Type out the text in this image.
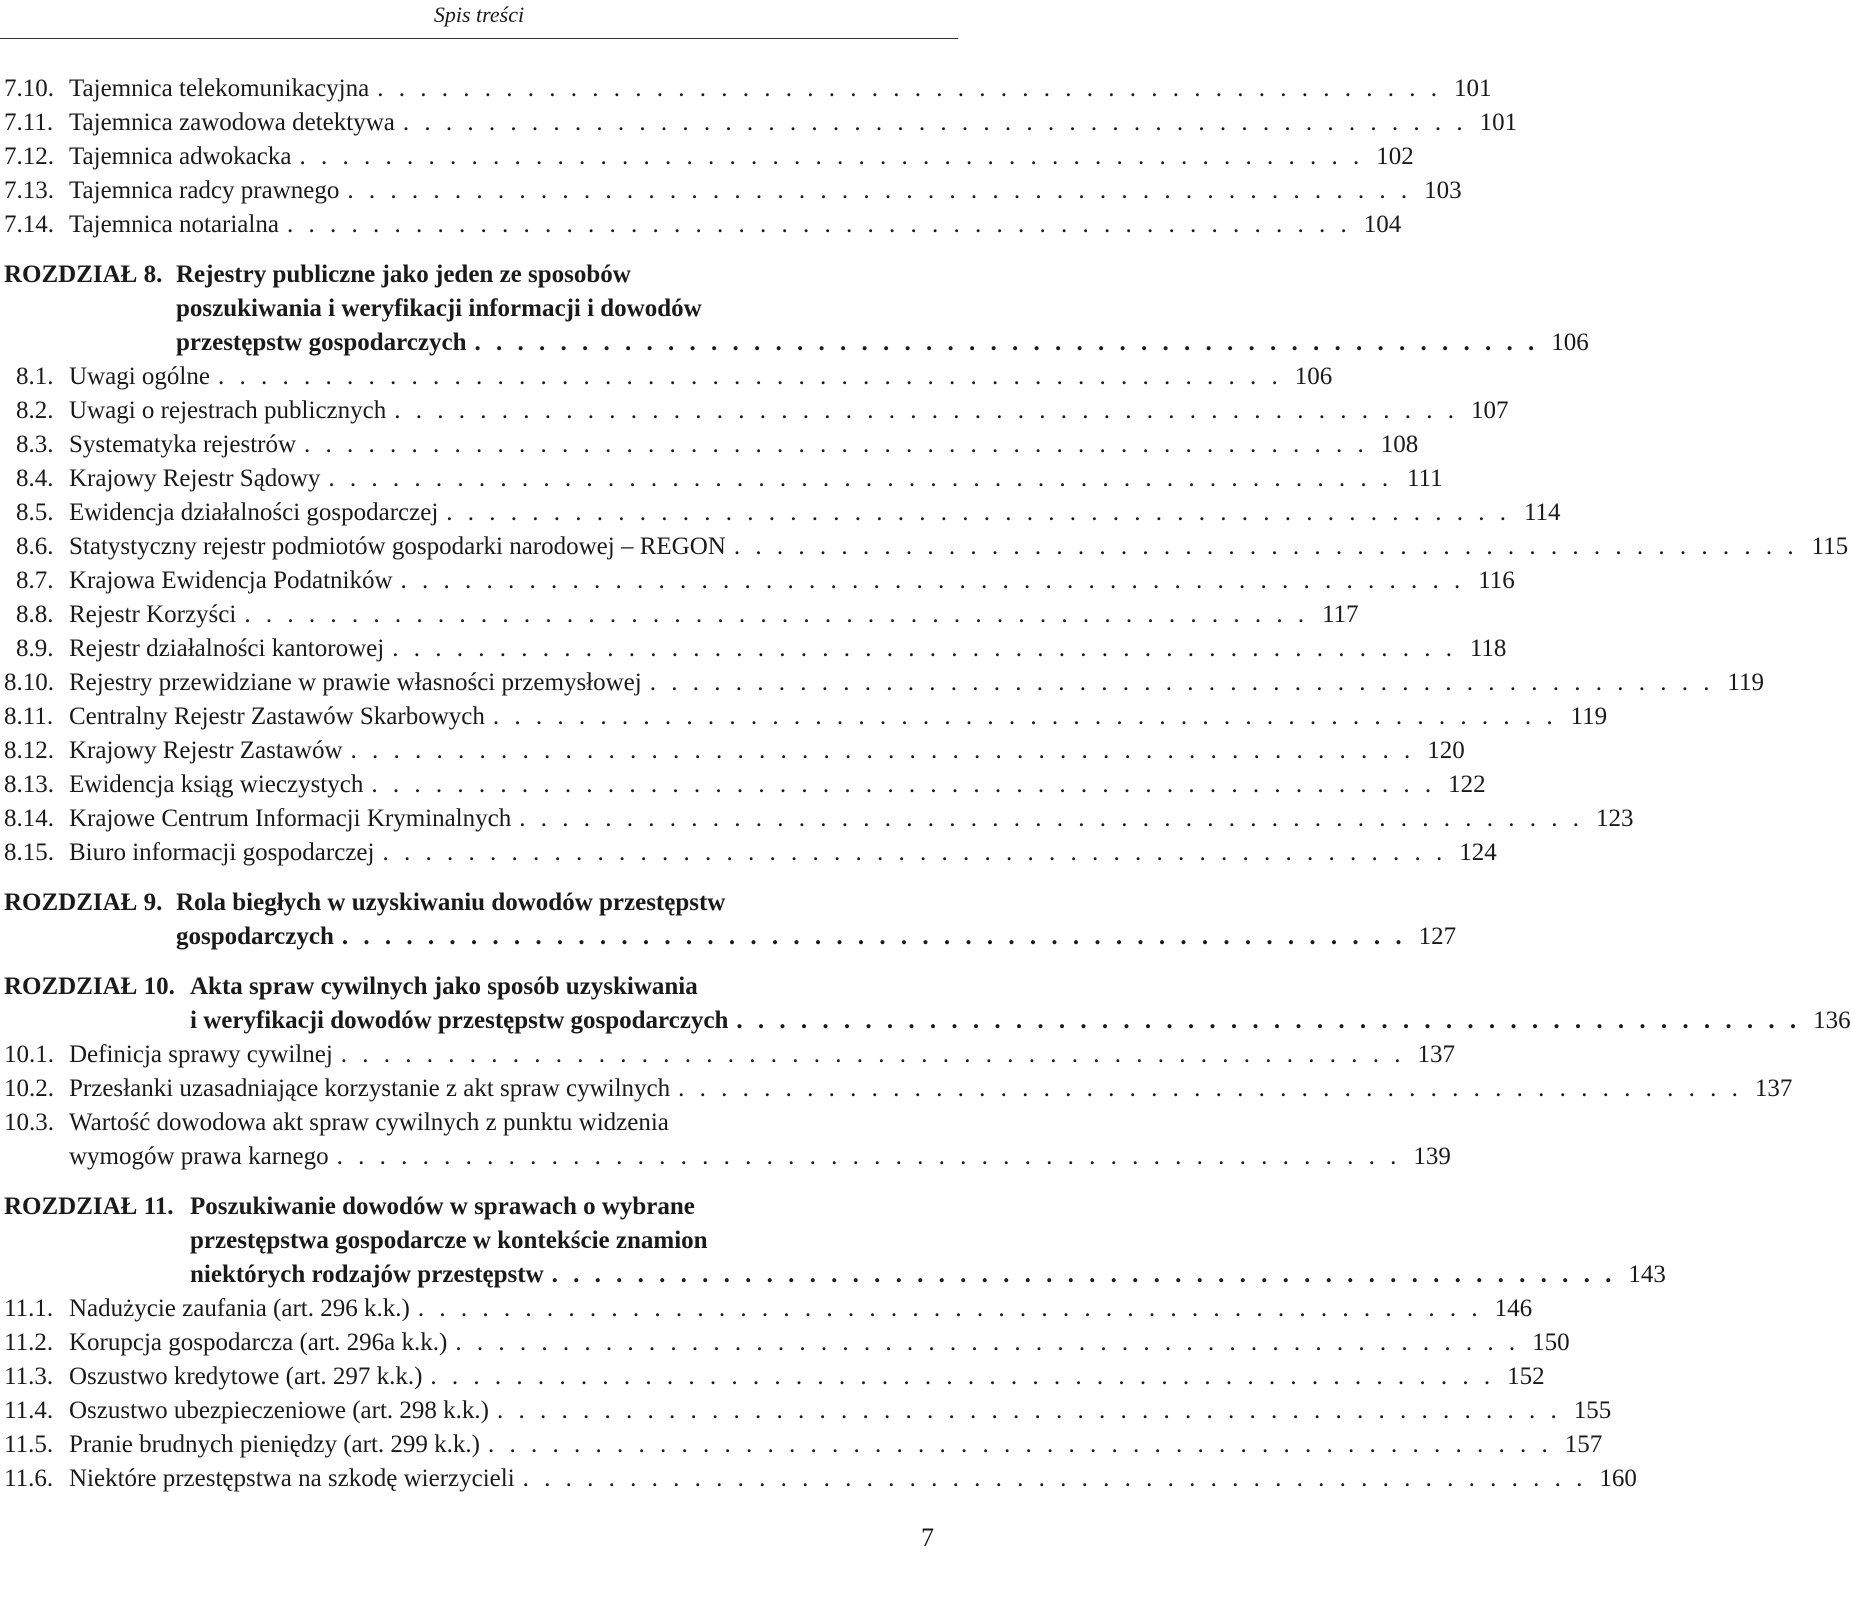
Spis treści
7.10. Tajemnica telekomunikacyjna . . . . . . . . . . . . . . . . . . . . . . . . . . . . . . . . . . . . . . . . . . . . . . . . . . 101
7.11. Tajemnica zawodowa detektywa . . . . . . . . . . . . . . . . . . . . . . . . . . . . . . . . . . . . . . . . . . . . . . . . . . 101
7.12. Tajemnica adwokacka . . . . . . . . . . . . . . . . . . . . . . . . . . . . . . . . . . . . . . . . . . . . . . . . . . 102
7.13. Tajemnica radcy prawnego . . . . . . . . . . . . . . . . . . . . . . . . . . . . . . . . . . . . . . . . . . . . . . . . . . 103
7.14. Tajemnica notarialna . . . . . . . . . . . . . . . . . . . . . . . . . . . . . . . . . . . . . . . . . . . . . . . . . . 104
ROZDZIAŁ 8. Rejestry publiczne jako jeden ze sposobów
poszukiwania i weryfikacji informacji i dowodów
przestępstw gospodarczych . . . . . . . . . . . . . . . . . . . . . . . . . . . . . . . . . . . . . . . . . . . . . . . . . . 106
8.1. Uwagi ogólne . . . . . . . . . . . . . . . . . . . . . . . . . . . . . . . . . . . . . . . . . . . . . . . . . . 106
8.2. Uwagi o rejestrach publicznych . . . . . . . . . . . . . . . . . . . . . . . . . . . . . . . . . . . . . . . . . . . . . . . . . . 107
8.3. Systematyka rejestrów . . . . . . . . . . . . . . . . . . . . . . . . . . . . . . . . . . . . . . . . . . . . . . . . . . 108
8.4. Krajowy Rejestr Sądowy . . . . . . . . . . . . . . . . . . . . . . . . . . . . . . . . . . . . . . . . . . . . . . . . . . 111
8.5. Ewidencja działalności gospodarczej . . . . . . . . . . . . . . . . . . . . . . . . . . . . . . . . . . . . . . . . . . . . . . . . . . 114
8.6. Statystyczny rejestr podmiotów gospodarki narodowej – REGON . . . . . . . . . . . . . . . . . . . . . . . . . . . . . . . . . . . . . . . . . . . . . . . . . . 115
8.7. Krajowa Ewidencja Podatników . . . . . . . . . . . . . . . . . . . . . . . . . . . . . . . . . . . . . . . . . . . . . . . . . . 116
8.8. Rejestr Korzyści . . . . . . . . . . . . . . . . . . . . . . . . . . . . . . . . . . . . . . . . . . . . . . . . . . 117
8.9. Rejestr działalności kantorowej . . . . . . . . . . . . . . . . . . . . . . . . . . . . . . . . . . . . . . . . . . . . . . . . . . 118
8.10. Rejestry przewidziane w prawie własności przemysłowej . . . . . . . . . . . . . . . . . . . . . . . . . . . . . . . . . . . . . . . . . . . . . . . . . . 119
8.11. Centralny Rejestr Zastawów Skarbowych . . . . . . . . . . . . . . . . . . . . . . . . . . . . . . . . . . . . . . . . . . . . . . . . . . 119
8.12. Krajowy Rejestr Zastawów . . . . . . . . . . . . . . . . . . . . . . . . . . . . . . . . . . . . . . . . . . . . . . . . . . 120
8.13. Ewidencja ksiąg wieczystych . . . . . . . . . . . . . . . . . . . . . . . . . . . . . . . . . . . . . . . . . . . . . . . . . . 122
8.14. Krajowe Centrum Informacji Kryminalnych . . . . . . . . . . . . . . . . . . . . . . . . . . . . . . . . . . . . . . . . . . . . . . . . . . 123
8.15. Biuro informacji gospodarczej . . . . . . . . . . . . . . . . . . . . . . . . . . . . . . . . . . . . . . . . . . . . . . . . . . 124
ROZDZIAŁ 9. Rola biegłych w uzyskiwaniu dowodów przestępstw
gospodarczych . . . . . . . . . . . . . . . . . . . . . . . . . . . . . . . . . . . . . . . . . . . . . . . . . . 127
ROZDZIAŁ 10. Akta spraw cywilnych jako sposób uzyskiwania
i weryfikacji dowodów przestępstw gospodarczych . . . . . . . . . . . . . . . . . . . . . . . . . . . . . . . . . . . . . . . . . . . . . . . . . . 136
10.1. Definicja sprawy cywilnej . . . . . . . . . . . . . . . . . . . . . . . . . . . . . . . . . . . . . . . . . . . . . . . . . . 137
10.2. Przesłanki uzasadniające korzystanie z akt spraw cywilnych . . . . . . . . . . . . . . . . . . . . . . . . . . . . . . . . . . . . . . . . . . . . . . . . . . 137
10.3. Wartość dowodowa akt spraw cywilnych z punktu widzenia
wymogów prawa karnego . . . . . . . . . . . . . . . . . . . . . . . . . . . . . . . . . . . . . . . . . . . . . . . . . . 139
ROZDZIAŁ 11. Poszukiwanie dowodów w sprawach o wybrane
przestępstwa gospodarcze w kontekście znamion
niektórych rodzajów przestępstw . . . . . . . . . . . . . . . . . . . . . . . . . . . . . . . . . . . . . . . . . . . . . . . . . . 143
11.1. Nadużycie zaufania (art. 296 k.k.) . . . . . . . . . . . . . . . . . . . . . . . . . . . . . . . . . . . . . . . . . . . . . . . . . . 146
11.2. Korupcja gospodarcza (art. 296a k.k.) . . . . . . . . . . . . . . . . . . . . . . . . . . . . . . . . . . . . . . . . . . . . . . . . . . 150
11.3. Oszustwo kredytowe (art. 297 k.k.) . . . . . . . . . . . . . . . . . . . . . . . . . . . . . . . . . . . . . . . . . . . . . . . . . . 152
11.4. Oszustwo ubezpieczeniowe (art. 298 k.k.) . . . . . . . . . . . . . . . . . . . . . . . . . . . . . . . . . . . . . . . . . . . . . . . . . . 155
11.5. Pranie brudnych pieniędzy (art. 299 k.k.) . . . . . . . . . . . . . . . . . . . . . . . . . . . . . . . . . . . . . . . . . . . . . . . . . . 157
11.6. Niektóre przestępstwa na szkodę wierzycieli . . . . . . . . . . . . . . . . . . . . . . . . . . . . . . . . . . . . . . . . . . . . . . . . . . 160
7
